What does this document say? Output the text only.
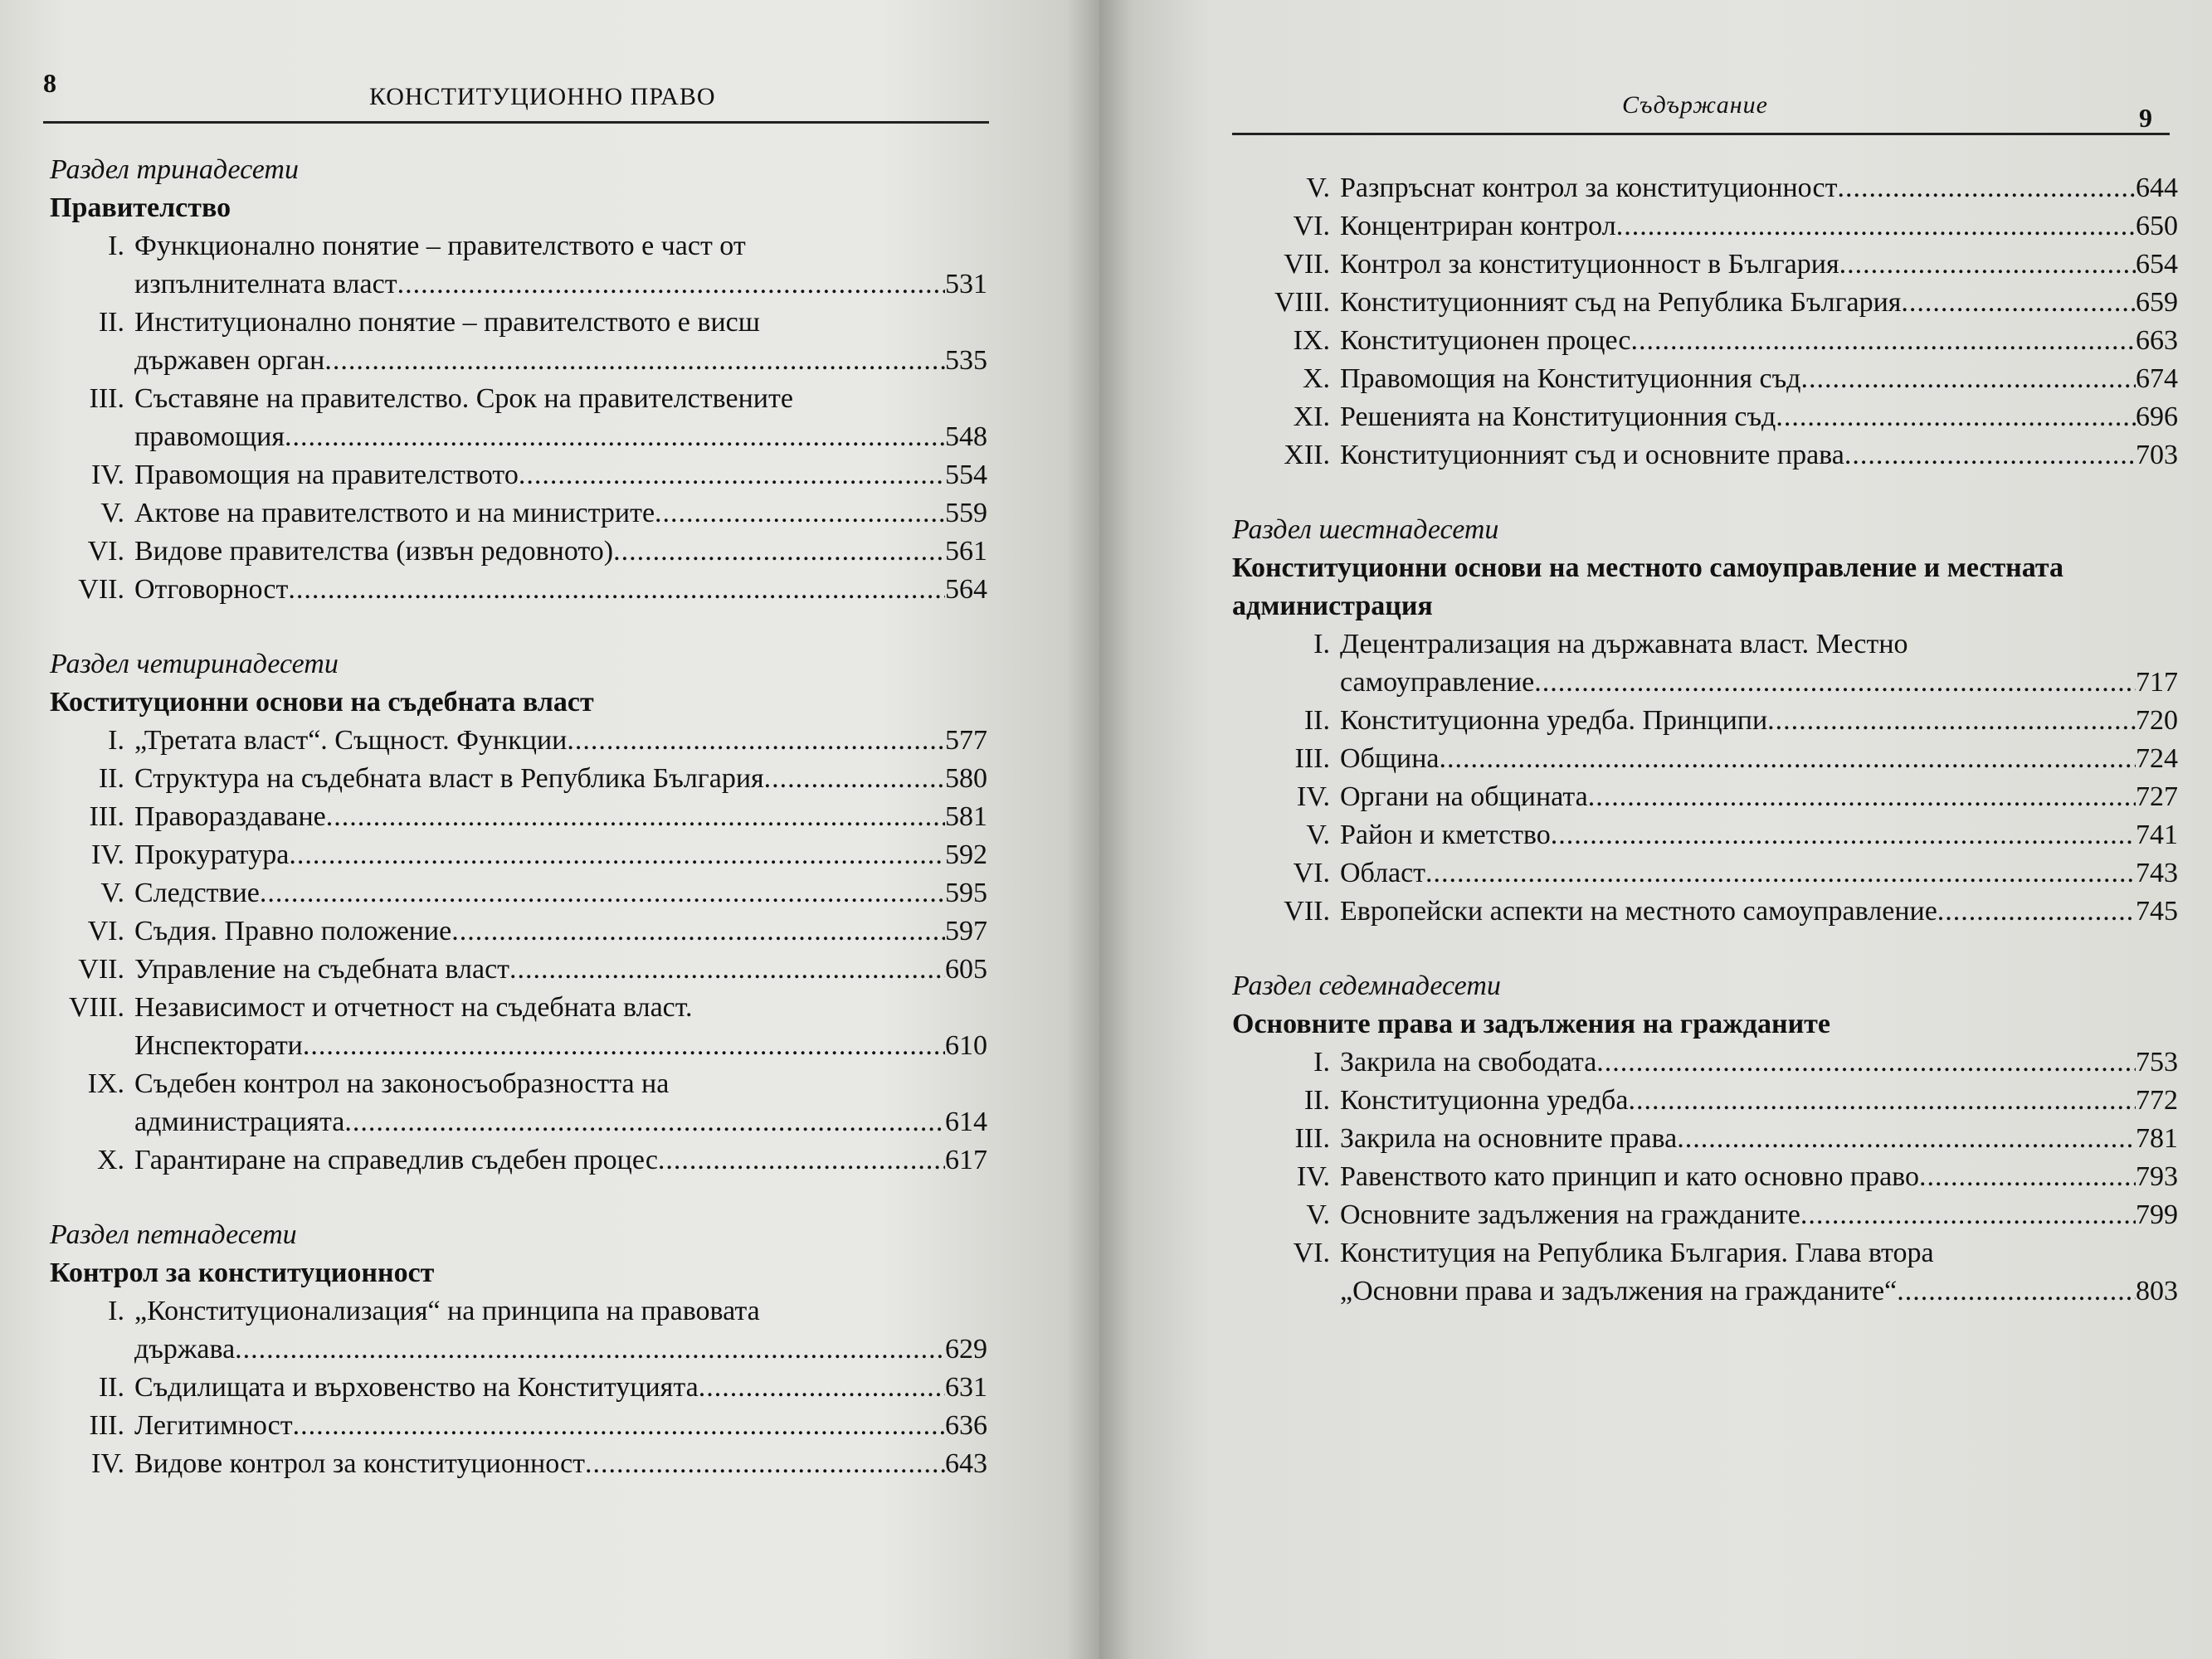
8	КОНСТИТУЦИОННО ПРАВО
Раздел тринадесети
Правителство
I. Функционално понятие – правителството е част от
изпълнителната власт .....	531
II. Институционално понятие – правителството е висш
държавен орган .....	535
III. Съставяне на правителство. Срок на правителствените
правомощия .....	548
IV. Правомощия на правителството .....	554
V. Актове на правителството и на министрите .....	559
VI. Видове правителства (извън редовното) .....	561
VII. Отговорност .....	564
Раздел четиринадесети
Коституционни основи на съдебната власт
I. „Третата власт“. Същност. Функции .....	577
II. Структура на съдебната власт в Република България .....	580
III. Правораздаване .....	581
IV. Прокуратура .....	592
V. Следствие .....	595
VI. Съдия. Правно положение .....	597
VII. Управление на съдебната власт .....	605
VIII. Независимост и отчетност на съдебната власт.
Инспекторати .....	610
IX. Съдебен контрол на законосъобразността на
администрацията .....	614
X. Гарантиране на справедлив съдебен процес .....	617
Раздел петнадесети
Контрол за конституционност
I. „Конституционализация“ на принципа на правовата
държава .....	629
II. Съдилищата и върховенство на Конституцията .....	631
III. Легитимност .....	636
IV. Видове контрол за конституционност .....	643
Съдържание	9
V. Разпръснат контрол за конституционност .....	644
VI. Концентриран контрол .....	650
VII. Контрол за конституционност в България .....	654
VIII. Конституционният съд на Република България .....	659
IX. Конституционен процес .....	663
X. Правомощия на Конституционния съд .....	674
XI. Решенията на Конституционния съд .....	696
XII. Конституционният съд и основните права .....	703
Раздел шестнадесети
Конституционни основи на местното самоуправление и местната администрация
I. Децентрализация на държавната власт. Местно
самоуправление .....	717
II. Конституционна уредба. Принципи .....	720
III. Община .....	724
IV. Органи на общината .....	727
V. Район и кметство .....	741
VI. Област .....	743
VII. Европейски аспекти на местното самоуправление .....	745
Раздел седемнадесети
Основните права и задължения на гражданите
I. Закрила на свободата .....	753
II. Конституционна уредба .....	772
III. Закрила на основните права .....	781
IV. Равенството като принцип и като основно право .....	793
V. Основните задължения на гражданите .....	799
VI. Конституция на Република България. Глава втора
„Основни права и задължения на гражданите“ .....	803
